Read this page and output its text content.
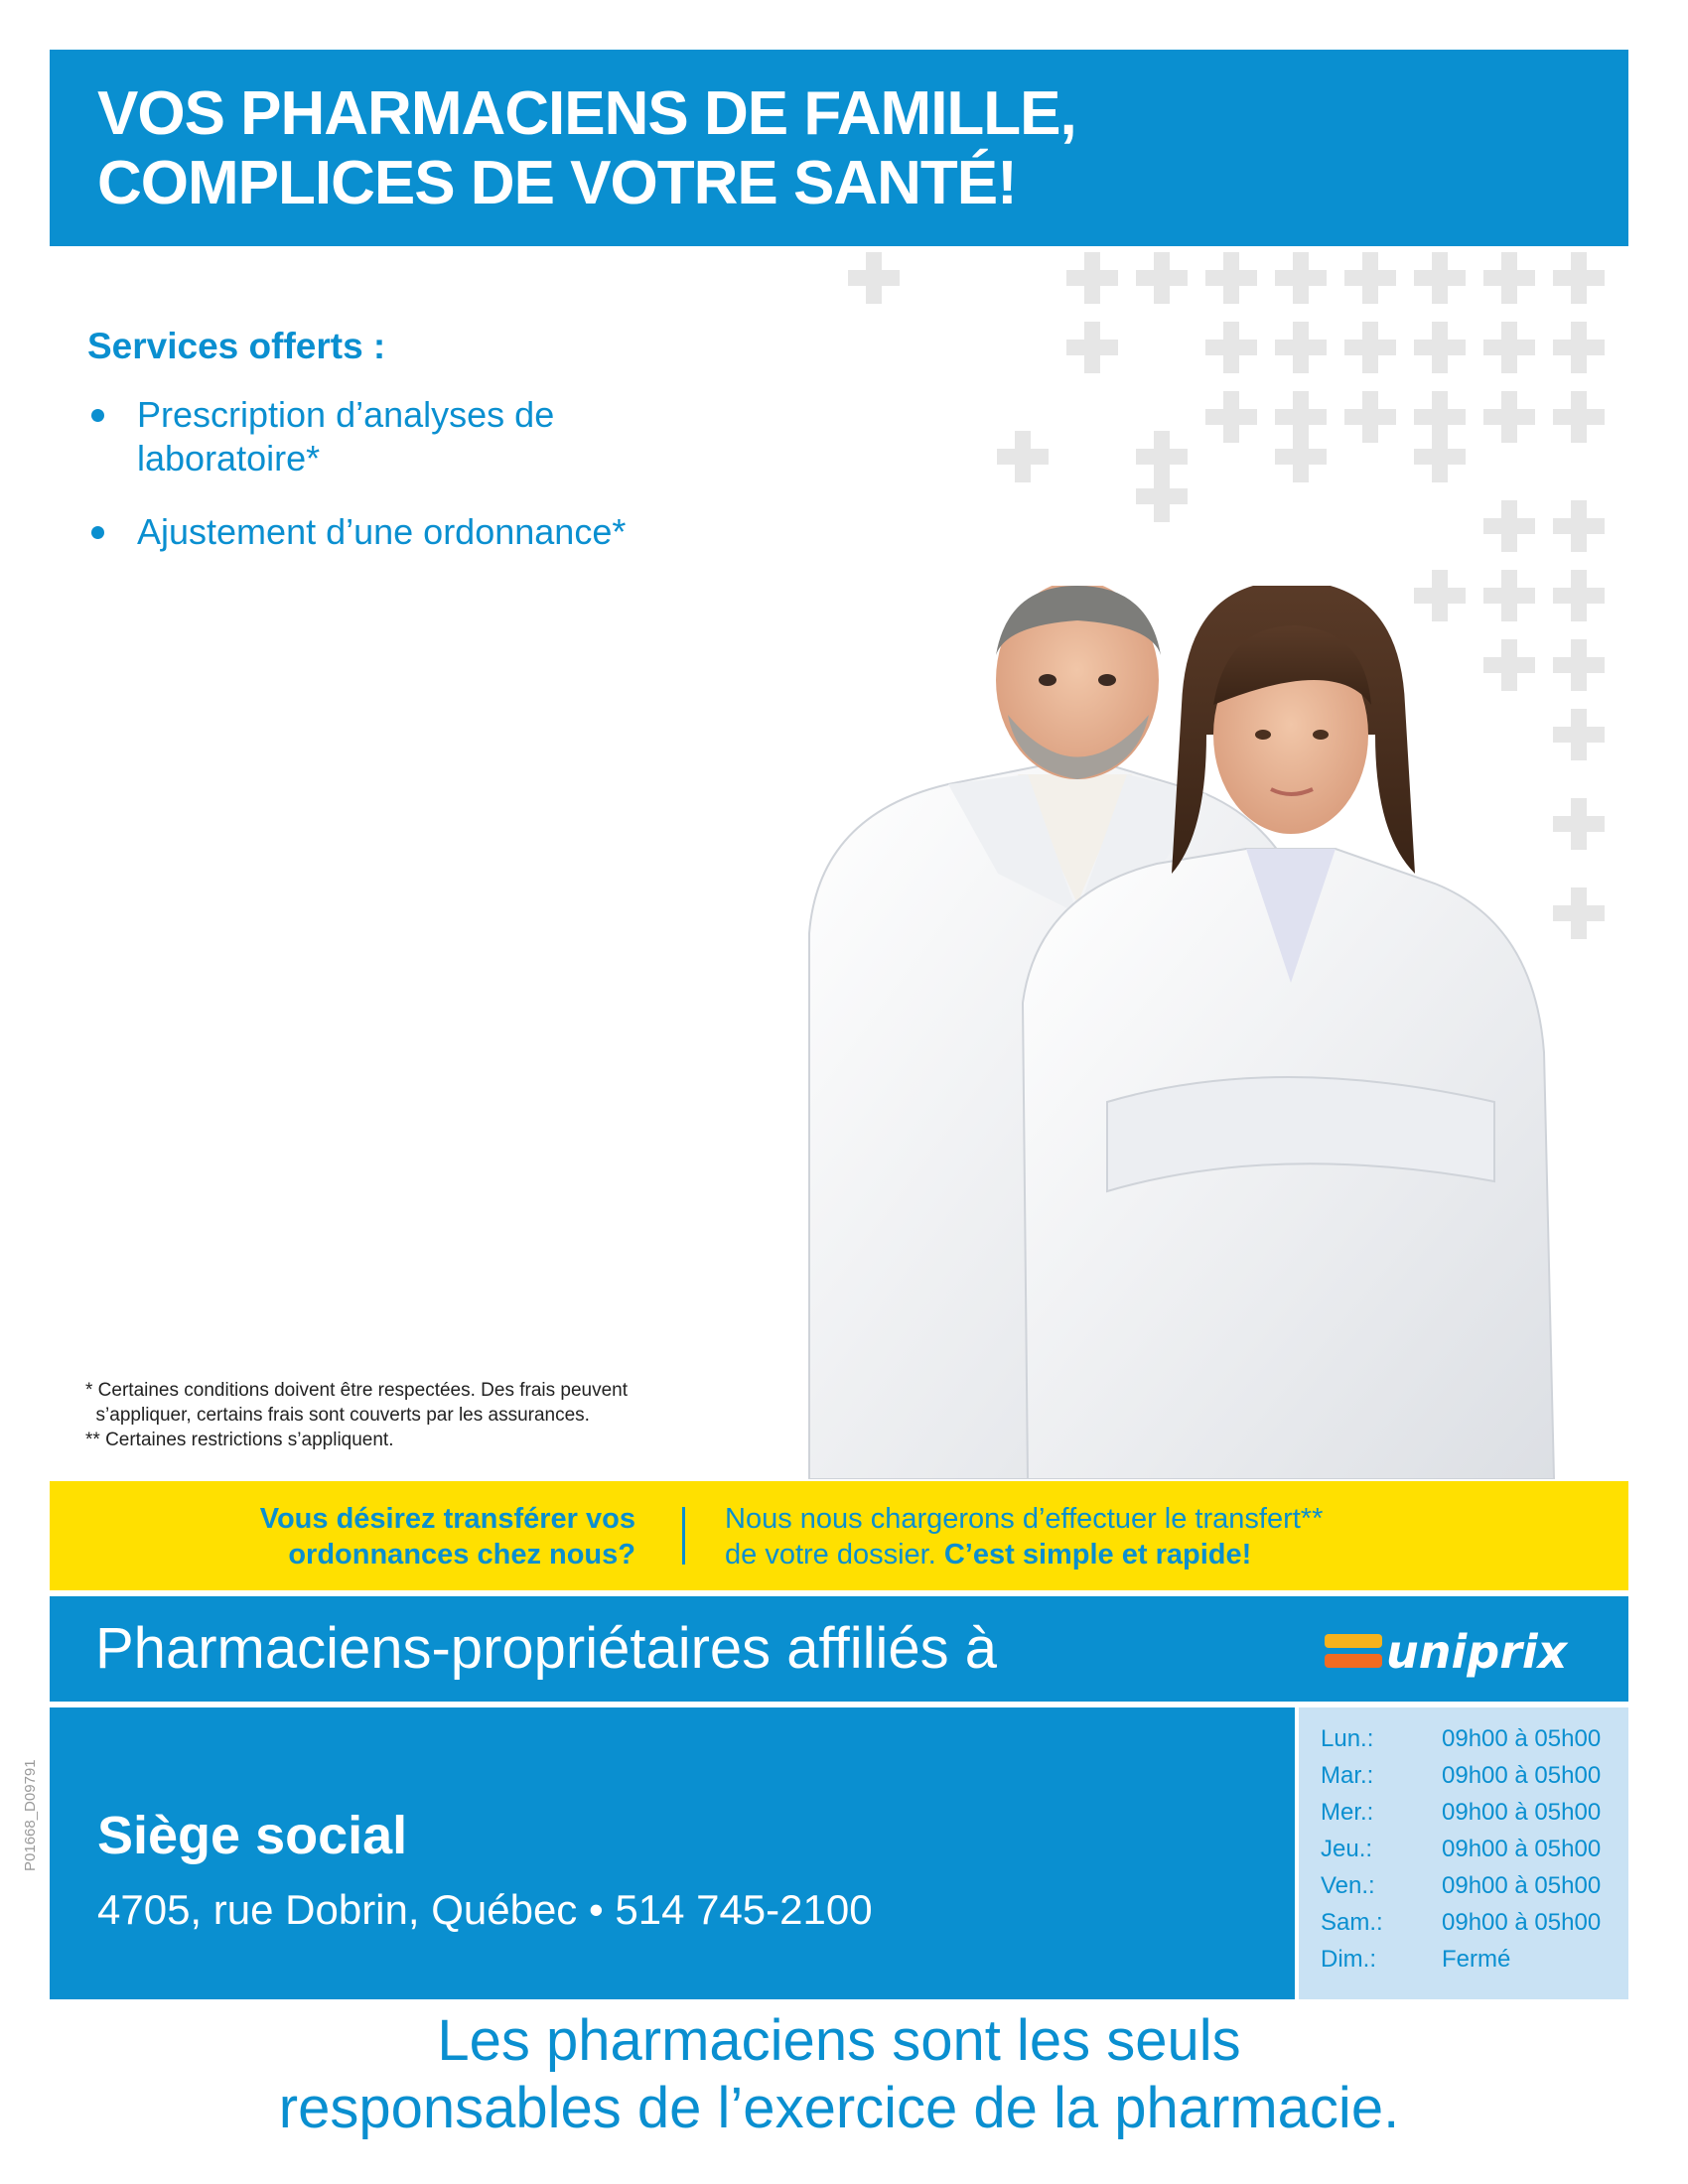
VOS PHARMACIENS DE FAMILLE,
COMPLICES DE VOTRE SANTÉ!
Services offerts :
Prescription d’analyses de
laboratoire*
Ajustement d’une ordonnance*
* Certaines conditions doivent être respectées. Des frais peuvent
s’appliquer, certains frais sont couverts par les assurances.
** Certaines restrictions s’appliquent.
Vous désirez transférer vos
ordonnances chez nous?
Nous nous chargerons d’effectuer le transfert**
de votre dossier. C’est simple et rapide!
Pharmaciens-propriétaires affiliés à	uniprix
Siège social
4705, rue Dobrin, Québec • 514 745-2100
Lun.:	09h00 à 05h00
Mar.:	09h00 à 05h00
Mer.:	09h00 à 05h00
Jeu.:	09h00 à 05h00
Ven.:	09h00 à 05h00
Sam.: 09h00 à 05h00
Dim.:	Fermé
P01668_D09791
Les pharmaciens sont les seuls
responsables de l’exercice de la pharmacie.
